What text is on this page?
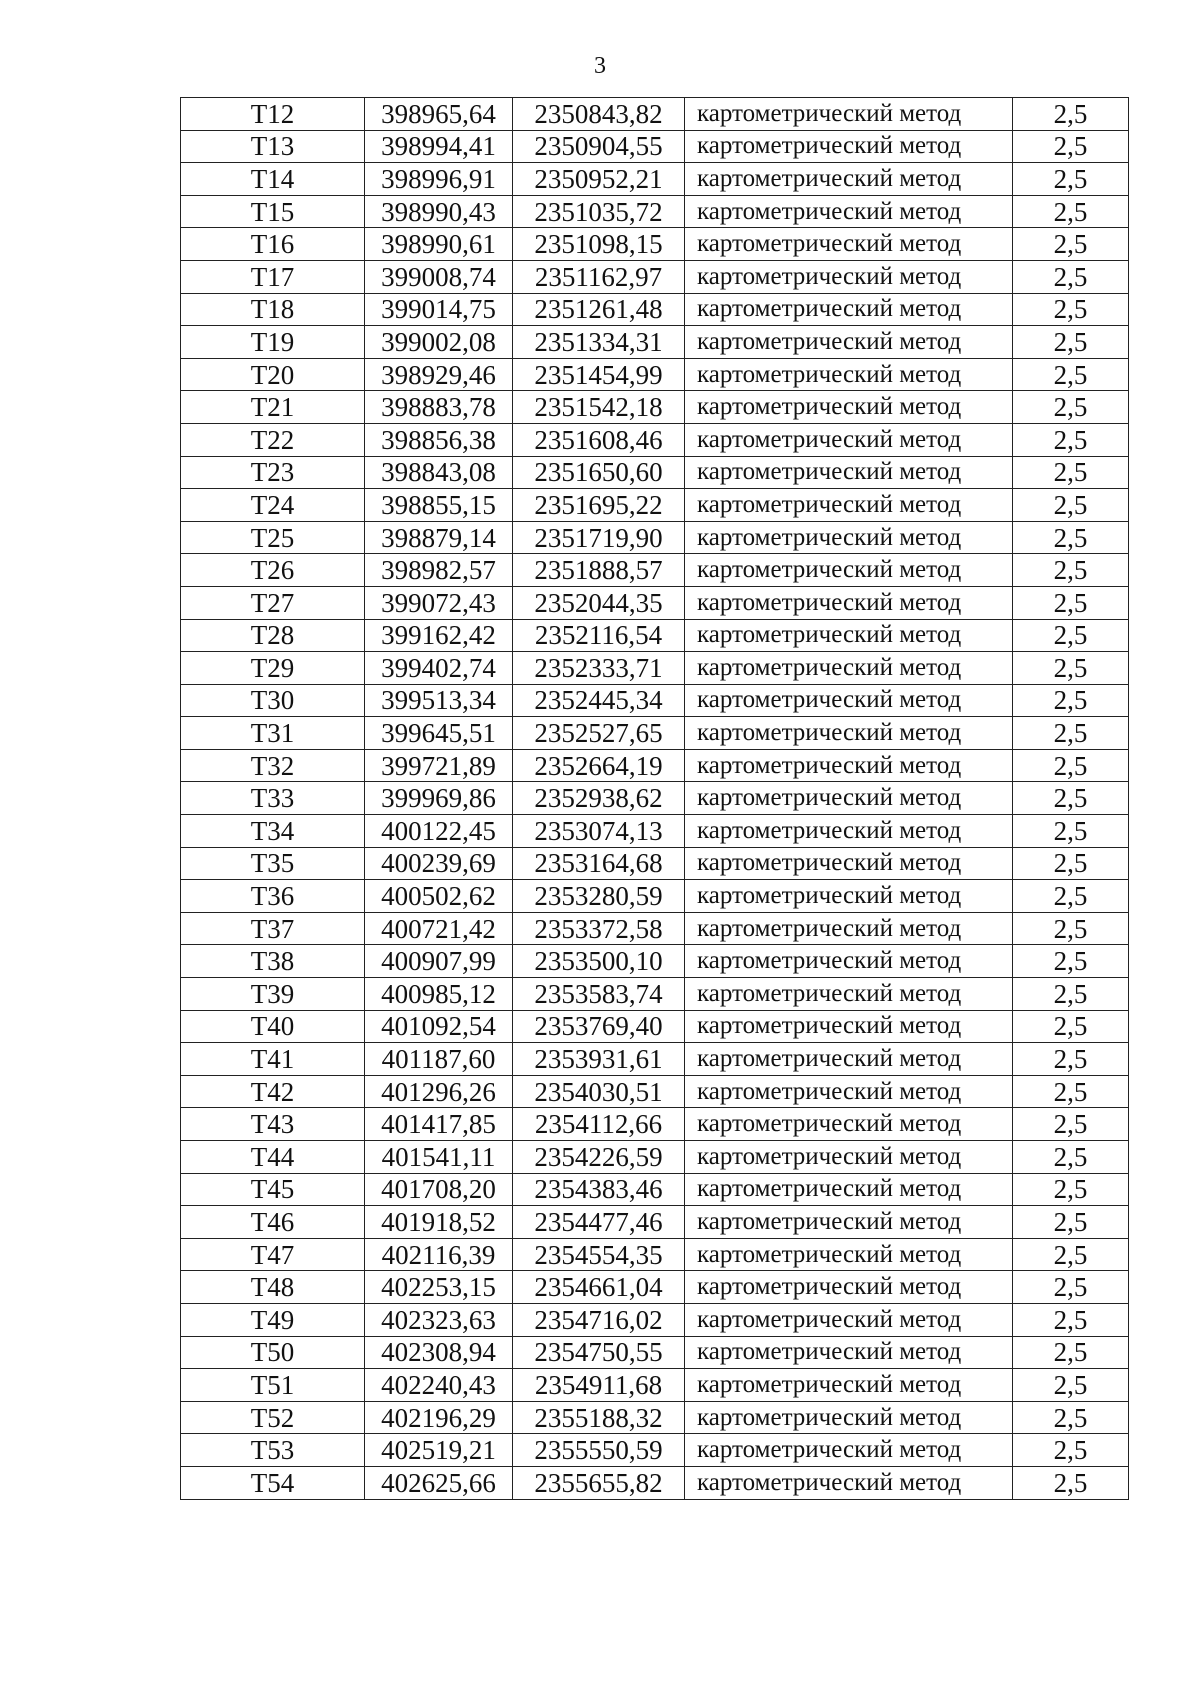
3
Т12	398965,64	2350843,82	картометрический метод	2,5
Т13	398994,41	2350904,55	картометрический метод	2,5
Т14	398996,91	2350952,21	картометрический метод	2,5
Т15	398990,43	2351035,72	картометрический метод	2,5
Т16	398990,61	2351098,15	картометрический метод	2,5
Т17	399008,74	2351162,97	картометрический метод	2,5
Т18	399014,75	2351261,48	картометрический метод	2,5
Т19	399002,08	2351334,31	картометрический метод	2,5
Т20	398929,46	2351454,99	картометрический метод	2,5
Т21	398883,78	2351542,18	картометрический метод	2,5
Т22	398856,38	2351608,46	картометрический метод	2,5
Т23	398843,08	2351650,60	картометрический метод	2,5
Т24	398855,15	2351695,22	картометрический метод	2,5
Т25	398879,14	2351719,90	картометрический метод	2,5
Т26	398982,57	2351888,57	картометрический метод	2,5
Т27	399072,43	2352044,35	картометрический метод	2,5
Т28	399162,42	2352116,54	картометрический метод	2,5
Т29	399402,74	2352333,71	картометрический метод	2,5
Т30	399513,34	2352445,34	картометрический метод	2,5
Т31	399645,51	2352527,65	картометрический метод	2,5
Т32	399721,89	2352664,19	картометрический метод	2,5
Т33	399969,86	2352938,62	картометрический метод	2,5
Т34	400122,45	2353074,13	картометрический метод	2,5
Т35	400239,69	2353164,68	картометрический метод	2,5
Т36	400502,62	2353280,59	картометрический метод	2,5
Т37	400721,42	2353372,58	картометрический метод	2,5
Т38	400907,99	2353500,10	картометрический метод	2,5
Т39	400985,12	2353583,74	картометрический метод	2,5
Т40	401092,54	2353769,40	картометрический метод	2,5
Т41	401187,60	2353931,61	картометрический метод	2,5
Т42	401296,26	2354030,51	картометрический метод	2,5
Т43	401417,85	2354112,66	картометрический метод	2,5
Т44	401541,11	2354226,59	картометрический метод	2,5
Т45	401708,20	2354383,46	картометрический метод	2,5
Т46	401918,52	2354477,46	картометрический метод	2,5
Т47	402116,39	2354554,35	картометрический метод	2,5
Т48	402253,15	2354661,04	картометрический метод	2,5
Т49	402323,63	2354716,02	картометрический метод	2,5
Т50	402308,94	2354750,55	картометрический метод	2,5
Т51	402240,43	2354911,68	картометрический метод	2,5
Т52	402196,29	2355188,32	картометрический метод	2,5
Т53	402519,21	2355550,59	картометрический метод	2,5
Т54	402625,66	2355655,82	картометрический метод	2,5
